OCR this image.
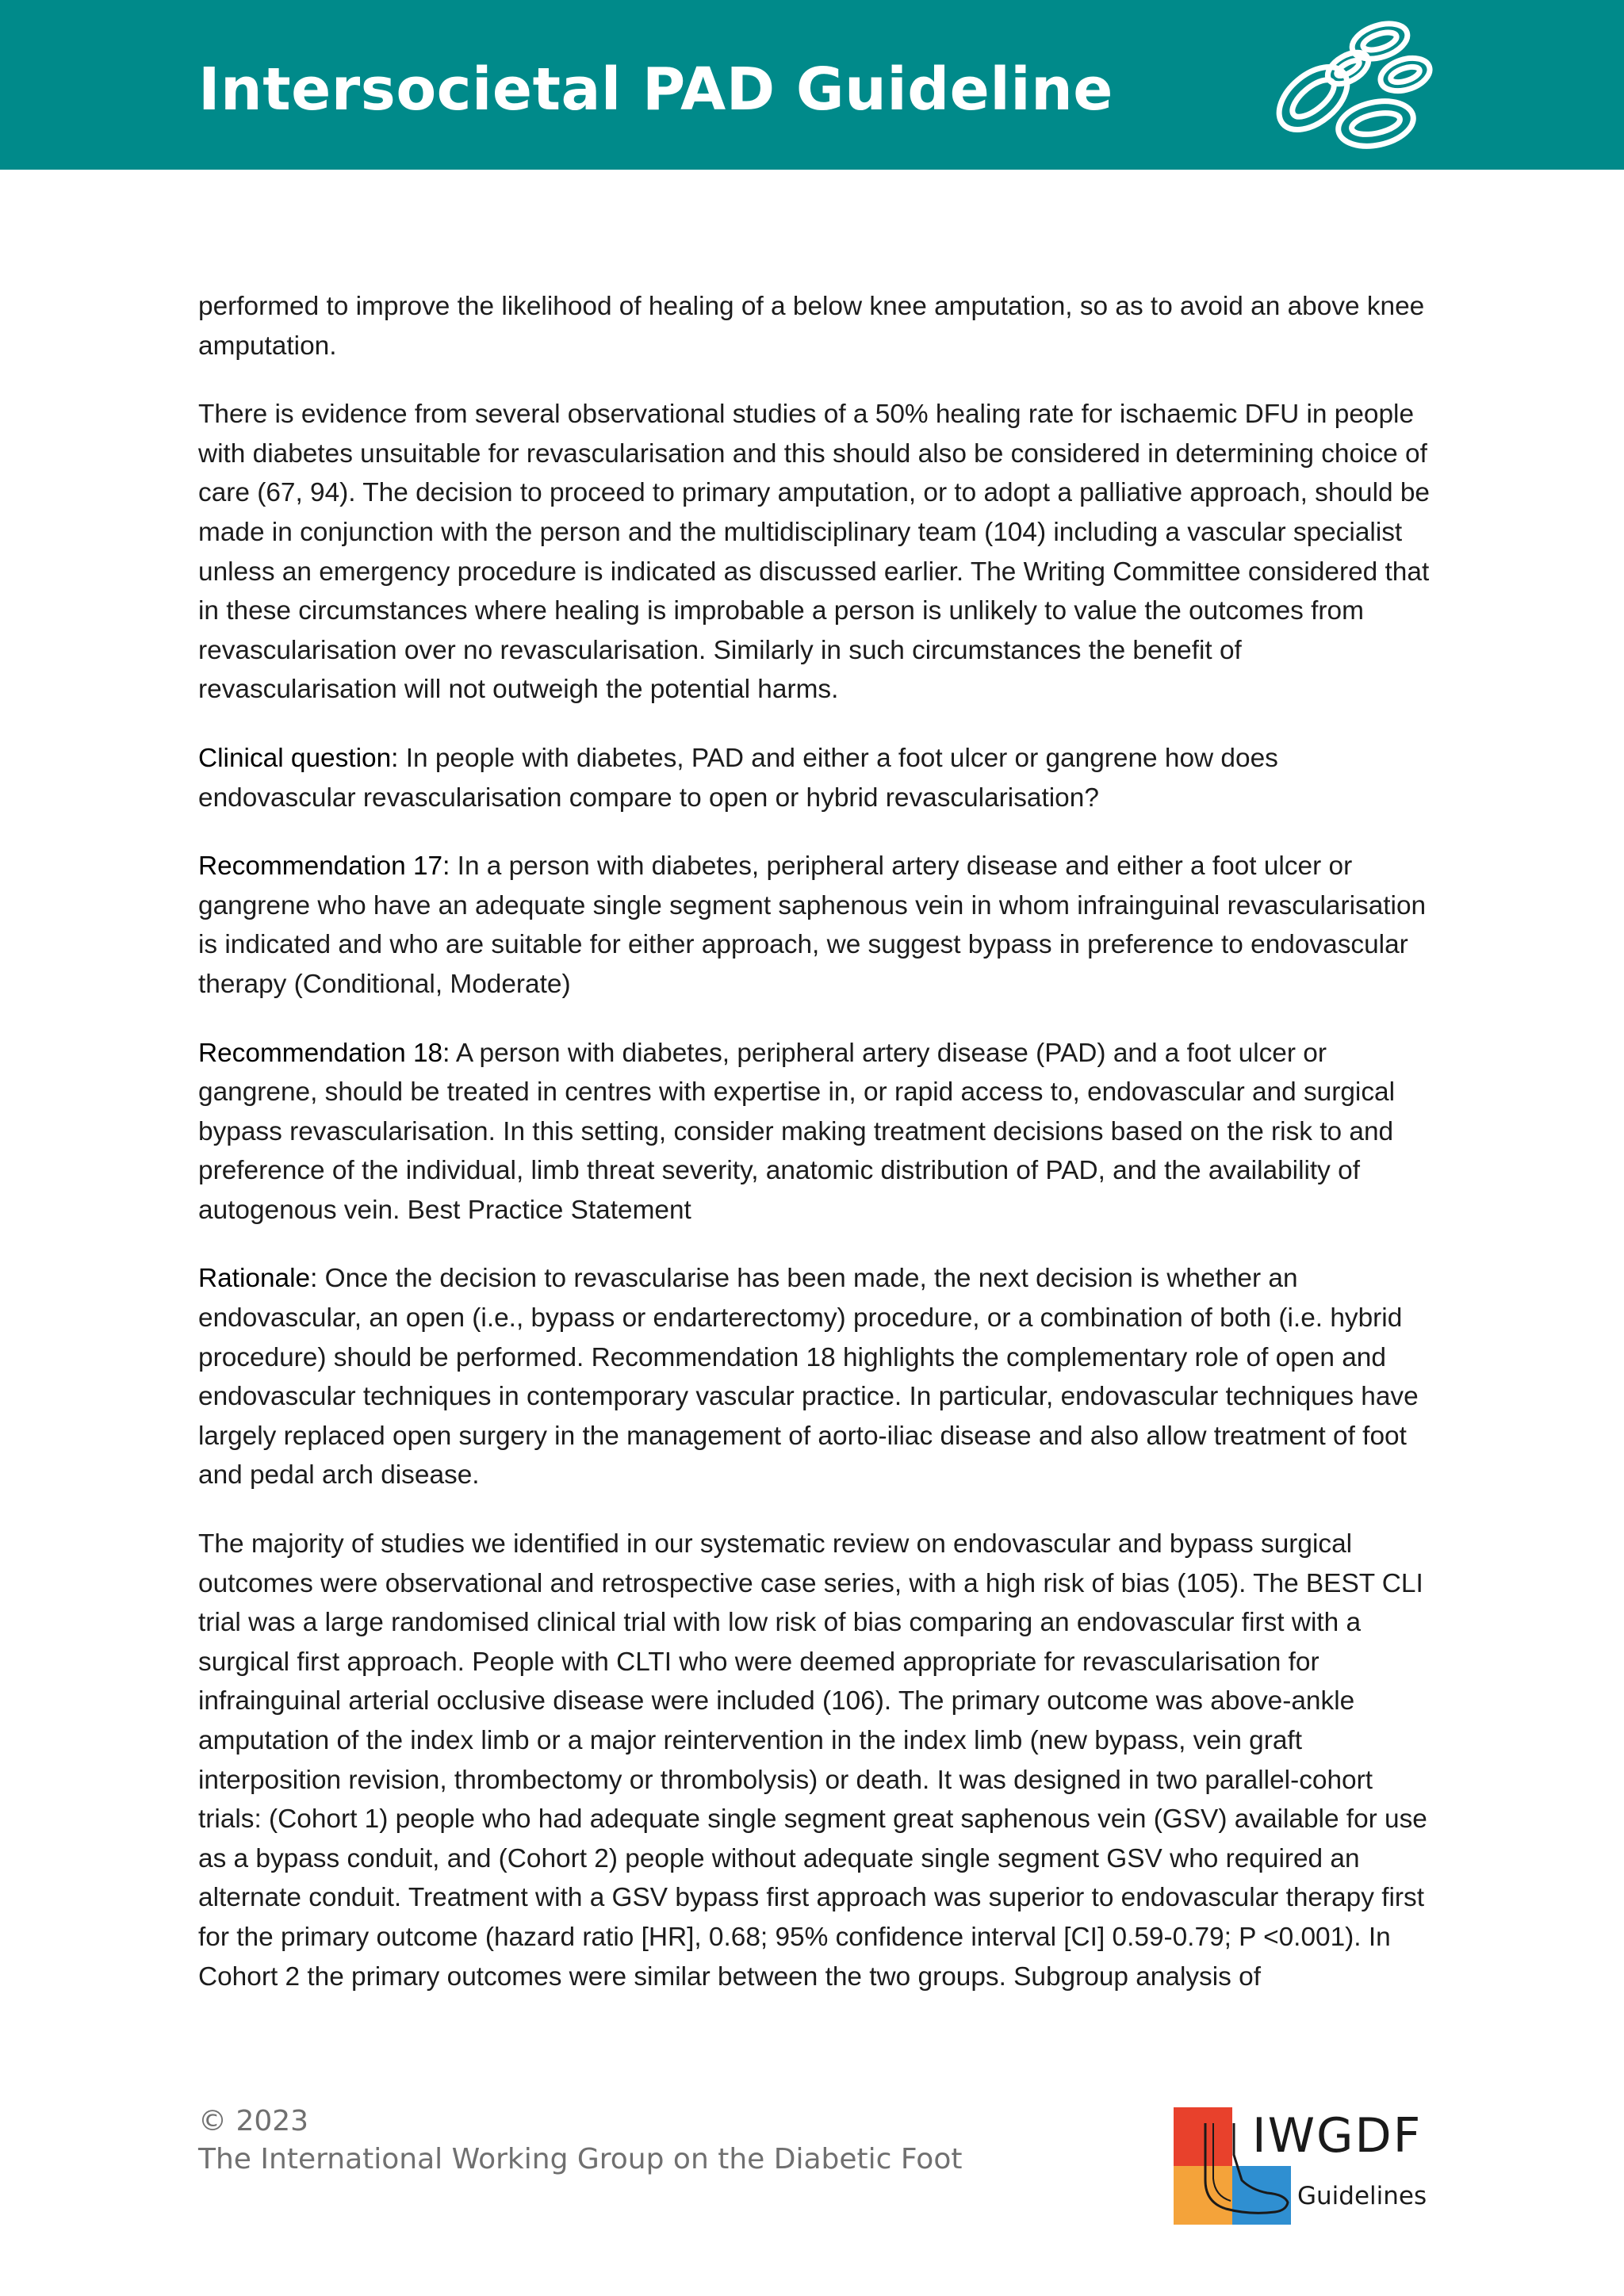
Intersocietal PAD Guideline

performed to improve the likelihood of healing of a below knee amputation, so as to avoid an above knee amputation.

There is evidence from several observational studies of a 50% healing rate for ischaemic DFU in people with diabetes unsuitable for revascularisation and this should also be considered in determining choice of care (67, 94). The decision to proceed to primary amputation, or to adopt a palliative approach, should be made in conjunction with the person and the multidisciplinary team (104) including a vascular specialist unless an emergency procedure is indicated as discussed earlier. The Writing Committee considered that in these circumstances where healing is improbable a person is unlikely to value the outcomes from revascularisation over no revascularisation. Similarly in such circumstances the benefit of revascularisation will not outweigh the potential harms.

Clinical question: In people with diabetes, PAD and either a foot ulcer or gangrene how does endovascular revascularisation compare to open or hybrid revascularisation?

Recommendation 17: In a person with diabetes, peripheral artery disease and either a foot ulcer or gangrene who have an adequate single segment saphenous vein in whom infrainguinal revascularisation is indicated and who are suitable for either approach, we suggest bypass in preference to endovascular therapy (Conditional, Moderate)

Recommendation 18: A person with diabetes, peripheral artery disease (PAD) and a foot ulcer or gangrene, should be treated in centres with expertise in, or rapid access to, endovascular and surgical bypass revascularisation. In this setting, consider making treatment decisions based on the risk to and preference of the individual, limb threat severity, anatomic distribution of PAD, and the availability of autogenous vein. Best Practice Statement

Rationale: Once the decision to revascularise has been made, the next decision is whether an endovascular, an open (i.e., bypass or endarterectomy) procedure, or a combination of both (i.e. hybrid procedure) should be performed. Recommendation 18 highlights the complementary role of open and endovascular techniques in contemporary vascular practice. In particular, endovascular techniques have largely replaced open surgery in the management of aorto-iliac disease and also allow treatment of foot and pedal arch disease.

The majority of studies we identified in our systematic review on endovascular and bypass surgical outcomes were observational and retrospective case series, with a high risk of bias (105). The BEST CLI trial was a large randomised clinical trial with low risk of bias comparing an endovascular first with a surgical first approach. People with CLTI who were deemed appropriate for revascularisation for infrainguinal arterial occlusive disease were included (106). The primary outcome was above-ankle amputation of the index limb or a major reintervention in the index limb (new bypass, vein graft interposition revision, thrombectomy or thrombolysis) or death. It was designed in two parallel-cohort trials: (Cohort 1) people who had adequate single segment great saphenous vein (GSV) available for use as a bypass conduit, and (Cohort 2) people without adequate single segment GSV who required an alternate conduit. Treatment with a GSV bypass first approach was superior to endovascular therapy first for the primary outcome (hazard ratio [HR], 0.68; 95% confidence interval [CI] 0.59-0.79; P <0.001). In Cohort 2 the primary outcomes were similar between the two groups. Subgroup analysis of

© 2023
The International Working Group on the Diabetic Foot	IWGDF
Guidelines
